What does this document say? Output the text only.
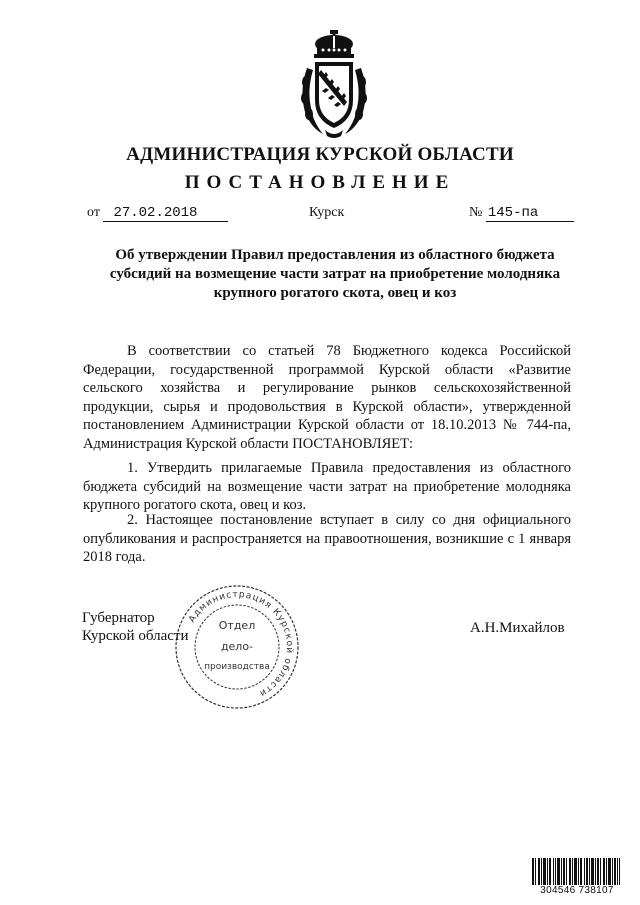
АДМИНИСТРАЦИЯ КУРСКОЙ ОБЛАСТИ
ПОСТАНОВЛЕНИЕ
от 27.02.2018	Курск	№ 145-па
Об утверждении Правил предоставления из областного бюджета субсидий на возмещение части затрат на приобретение молодняка крупного рогатого скота, овец и коз

В соответствии со статьей 78 Бюджетного кодекса Российской Федерации, государственной программой Курской области «Развитие сельского хозяйства и регулирование рынков сельскохозяйственной продукции, сырья и продовольствия в Курской области», утвержденной постановлением Администрации Курской области от 18.10.2013 № 744-па, Администрация Курской области ПОСТАНОВЛЯЕТ:

1. Утвердить прилагаемые Правила предоставления из областного бюджета субсидий на возмещение части затрат на приобретение молодняка крупного рогатого скота, овец и коз.

2. Настоящее постановление вступает в силу со дня официального опубликования и распространяется на правоотношения, возникшие с 1 января 2018 года.

Администрация Курской области
Отдел
дело-
производства
Губернатор
Курской области	А.Н.Михайлов
304546 738107
